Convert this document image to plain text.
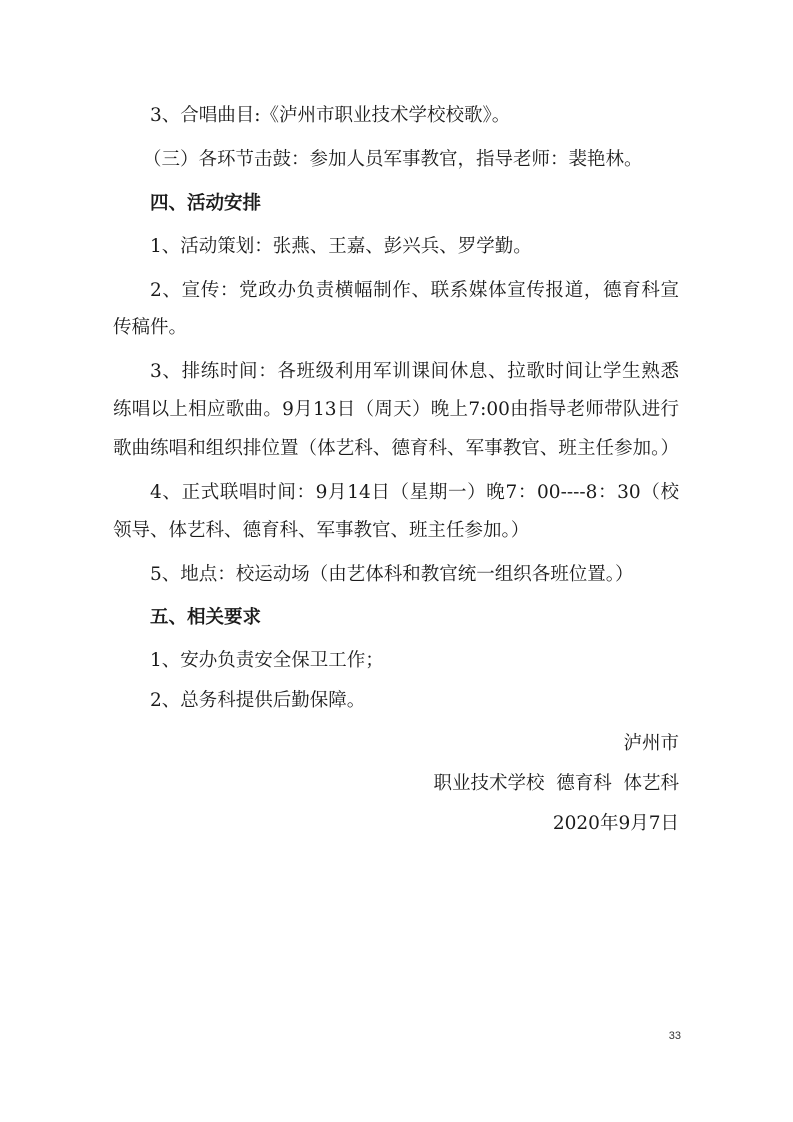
3、合唱曲目:《泸州市职业技术学校校歌》。
（三）各环节击鼓：参加人员军事教官，指导老师：裴艳林。
四、活动安排
1、活动策划：张燕、王嘉、彭兴兵、罗学勤。
2、宣传：党政办负责横幅制作、联系媒体宣传报道，德育科宣
传稿件。
3、排练时间：各班级利用军训课间休息、拉歌时间让学生熟悉
练唱以上相应歌曲。9月13日（周天）晚上7:00由指导老师带队进行
歌曲练唱和组织排位置（体艺科、德育科、军事教官、班主任参加。）
4、正式联唱时间：9月14日（星期一）晚7：00----8：30（校
领导、体艺科、德育科、军事教官、班主任参加。）
5、地点：校运动场（由艺体科和教官统一组织各班位置。）
五、相关要求
1、安办负责安全保卫工作；
2、总务科提供后勤保障。
泸州市
职业技术学校  德育科  体艺科
2020年9月7日
33
